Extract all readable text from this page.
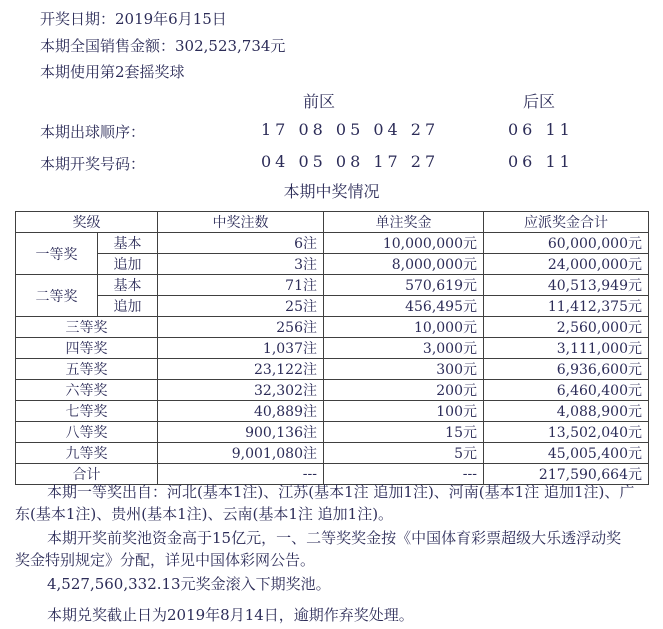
开奖日期：2019年6月15日
本期全国销售金额：302,523,734元
本期使用第2套摇奖球
前区	后区
本期出球顺序：	17 08 05 04 27	06 11
本期开奖号码：	04 05 08 17 27	06 11
本期中奖情况
奖级		中奖注数	单注奖金	应派奖金合计
一等奖	基本	6注	10,000,000元	60,000,000元
	追加	3注	8,000,000元	24,000,000元
二等奖	基本	71注	570,619元	40,513,949元
	追加	25注	456,495元	11,412,375元
三等奖		256注	10,000元	2,560,000元
四等奖		1,037注	3,000元	3,111,000元
五等奖		23,122注	300元	6,936,600元
六等奖		32,302注	200元	6,460,400元
七等奖		40,889注	100元	4,088,900元
八等奖		900,136注	15元	13,502,040元
九等奖		9,001,080注	5元	45,005,400元
合计		---	---	217,590,664元

本期一等奖出自：河北(基本1注)、江苏(基本1注 追加1注)、河南(基本1注 追加1注)、广东(基本1注)、贵州(基本1注)、云南(基本1注 追加1注)。

本期开奖前奖池资金高于15亿元，一、二等奖奖金按《中国体育彩票超级大乐透浮动奖奖金特别规定》分配，详见中国体彩网公告。

4,527,560,332.13元奖金滚入下期奖池。

本期兑奖截止日为2019年8月14日，逾期作弃奖处理。
